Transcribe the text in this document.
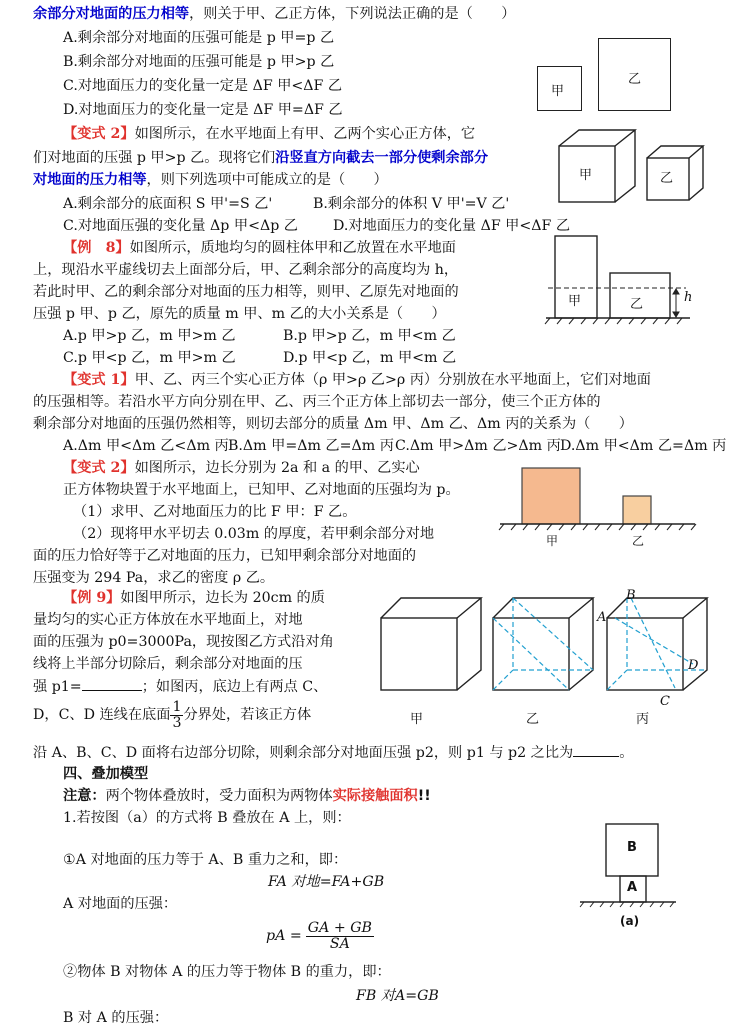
余部分对地面的压力相等，则关于甲、乙正方体，下列说法正确的是（　　）
A.剩余部分对地面的压强可能是 p 甲=p 乙
B.剩余部分对地面的压强可能是 p 甲>p 乙
C.对地面压力的变化量一定是 ΔF 甲<ΔF 乙
D.对地面压力的变化量一定是 ΔF 甲=ΔF 乙
甲
乙
【变式 2】如图所示，在水平地面上有甲、乙两个实心正方体，它
们对地面的压强 p 甲>p 乙。现将它们沿竖直方向截去一部分使剩余部分
对地面的压力相等，则下列选项中可能成立的是（　　）
A.剩余部分的底面积 S 甲'=S 乙'	B.剩余部分的体积 V 甲'=V 乙'
C.对地面压强的变化量 Δp 甲<Δp 乙 D.对地面压力的变化量 ΔF 甲<ΔF 乙
甲	乙
【例　8】如图所示，质地均匀的圆柱体甲和乙放置在水平地面
上，现沿水平虚线切去上面部分后，甲、乙剩余部分的高度均为 h，
若此时甲、乙的剩余部分对地面的压力相等，则甲、乙原先对地面的
压强 p 甲、p 乙，原先的质量 m 甲、m 乙的大小关系是（　　）
A.p 甲>p 乙，m 甲>m 乙	B.p 甲>p 乙，m 甲<m 乙
C.p 甲<p 乙，m 甲>m 乙	D.p 甲<p 乙，m 甲<m 乙
甲	乙	h
【变式 1】甲、乙、丙三个实心正方体（ρ 甲>ρ 乙>ρ 丙）分别放在水平地面上，它们对地面
的压强相等。若沿水平方向分别在甲、乙、丙三个正方体上部切去一部分，使三个正方体的
剩余部分对地面的压强仍然相等，则切去部分的质量 Δm 甲、Δm 乙、Δm 丙的关系为（　　）
A.Δm 甲<Δm 乙<Δm 丙 B.Δm 甲=Δm 乙=Δm 丙 C.Δm 甲>Δm 乙>Δm 丙 D.Δm 甲<Δm 乙=Δm 丙
【变式 2】如图所示，边长分别为 2a 和 a 的甲、乙实心
正方体物块置于水平地面上，已知甲、乙对地面的压强均为 p。
（1）求甲、乙对地面压力的比 F 甲：F 乙。
（2）现将甲水平切去 0.03m 的厚度，若甲剩余部分对地
面的压力恰好等于乙对地面的压力，已知甲剩余部分对地面的
压强变为 294 Pa，求乙的密度 ρ 乙。
甲	乙
【例 9】如图甲所示，边长为 20cm 的质
量均匀的实心正方体放在水平地面上，对地
面的压强为 p0=3000Pa，现按图乙方式沿对角
线将上半部分切除后，剩余部分对地面的压
强 p1=	；如图丙，底边上有两点 C、
D，C、D 连线在底面 $\frac{1}{3}$ 分界处，若该正方体
沿 A、B、C、D 面将右边部分切除，则剩余部分对地面压强 p2，则 p1 与 p2 之比为	。
B
A
D
C
甲	乙	丙
四、叠加模型
注意：两个物体叠放时，受力面积为两物体实际接触面积!!
1.若按图（a）的方式将 B 叠放在 A 上，则：
①A 对地面的压力等于 A、B 重力之和，即：
FA 对地=FA+GB
A 对地面的压强：
pA = $\frac{GA + GB}{SA}$
②物体 B 对物体 A 的压力等于物体 B 的重力，即：
FB 对A=GB
B 对 A 的压强：
B
A
(a)
